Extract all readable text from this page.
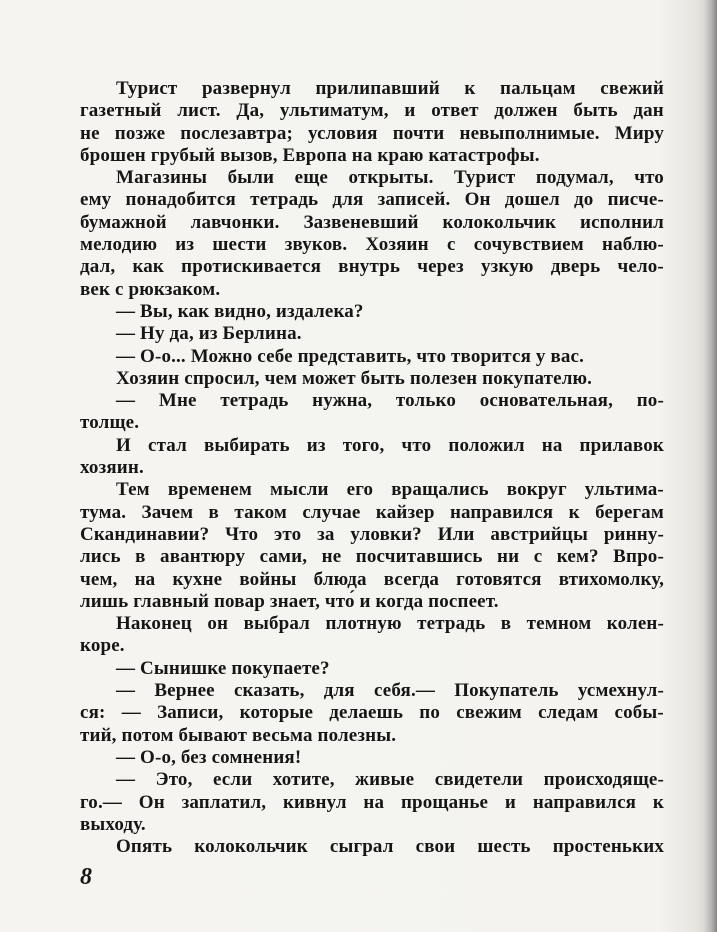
Турист развернул прилипавший к пальцам свежий
газетный лист. Да, ультиматум, и ответ должен быть дан
не позже послезавтра; условия почти невыполнимые. Миру
брошен грубый вызов, Европа на краю катастрофы.
Магазины были еще открыты. Турист подумал, что
ему понадобится тетрадь для записей. Он дошел до писче-
бумажной лавчонки. Зазвеневший колокольчик исполнил
мелодию из шести звуков. Хозяин с сочувствием наблю-
дал, как протискивается внутрь через узкую дверь чело-
век с рюкзаком.
— Вы, как видно, издалека?
— Ну да, из Берлина.
— О-о... Можно себе представить, что творится у вас.
Хозяин спросил, чем может быть полезен покупателю.
— Мне тетрадь нужна, только основательная, по-
толще.
И стал выбирать из того, что положил на прилавок
хозяин.
Тем временем мысли его вращались вокруг ультима-
тума. Зачем в таком случае кайзер направился к берегам
Скандинавии? Что это за уловки? Или австрийцы ринну-
лись в авантюру сами, не посчитавшись ни с кем? Впро-
чем, на кухне войны блюда всегда готовятся втихомолку,
лишь главный повар знает, что́ и когда поспеет.
Наконец он выбрал плотную тетрадь в темном колен-
коре.
— Сынишке покупаете?
— Вернее сказать, для себя.— Покупатель усмехнул-
ся: — Записи, которые делаешь по свежим следам собы-
тий, потом бывают весьма полезны.
— О-о, без сомнения!
— Это, если хотите, живые свидетели происходяще-
го.— Он заплатил, кивнул на прощанье и направился к
выходу.
Опять колокольчик сыграл свои шесть простеньких
8
